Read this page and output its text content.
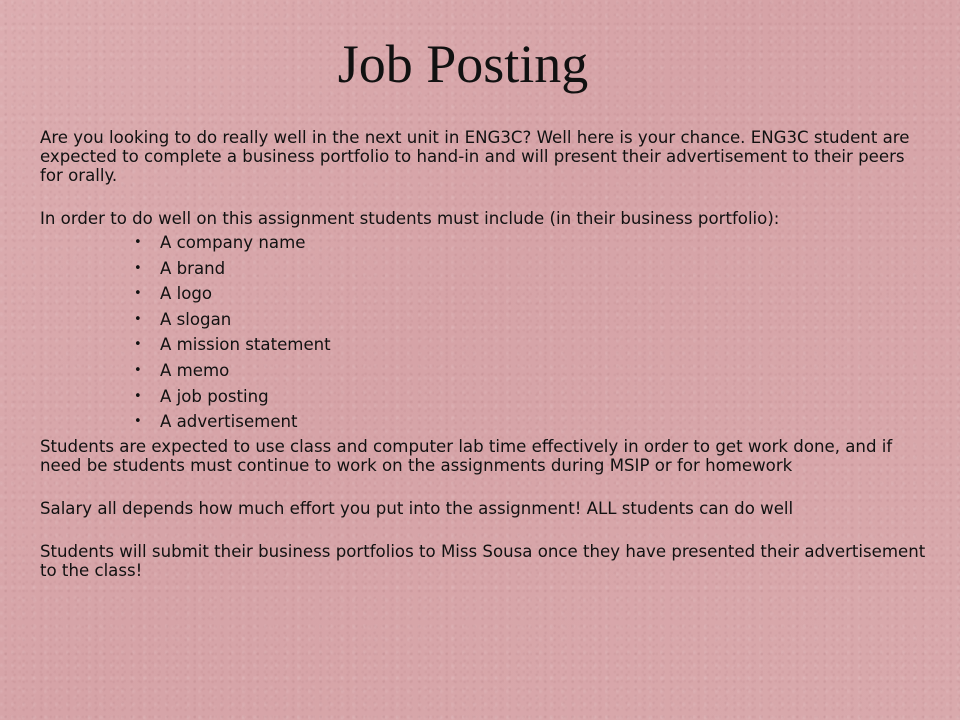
Job Posting

Are you looking to do really well in the next unit in ENG3C? Well here is your chance. ENG3C student are expected to complete a business portfolio to hand-in and will present their advertisement to their peers for orally.

In order to do well on this assignment students must include (in their business portfolio):

• A company name
• A brand
• A logo
• A slogan
• A mission statement
• A memo
• A job posting
• A advertisement

Students are expected to use class and computer lab time effectively in order to get work done, and if need be students must continue to work on the assignments during MSIP or for homework

Salary all depends how much effort you put into the assignment! ALL students can do well

Students will submit their business portfolios to Miss Sousa once they have presented their advertisement to the class!
